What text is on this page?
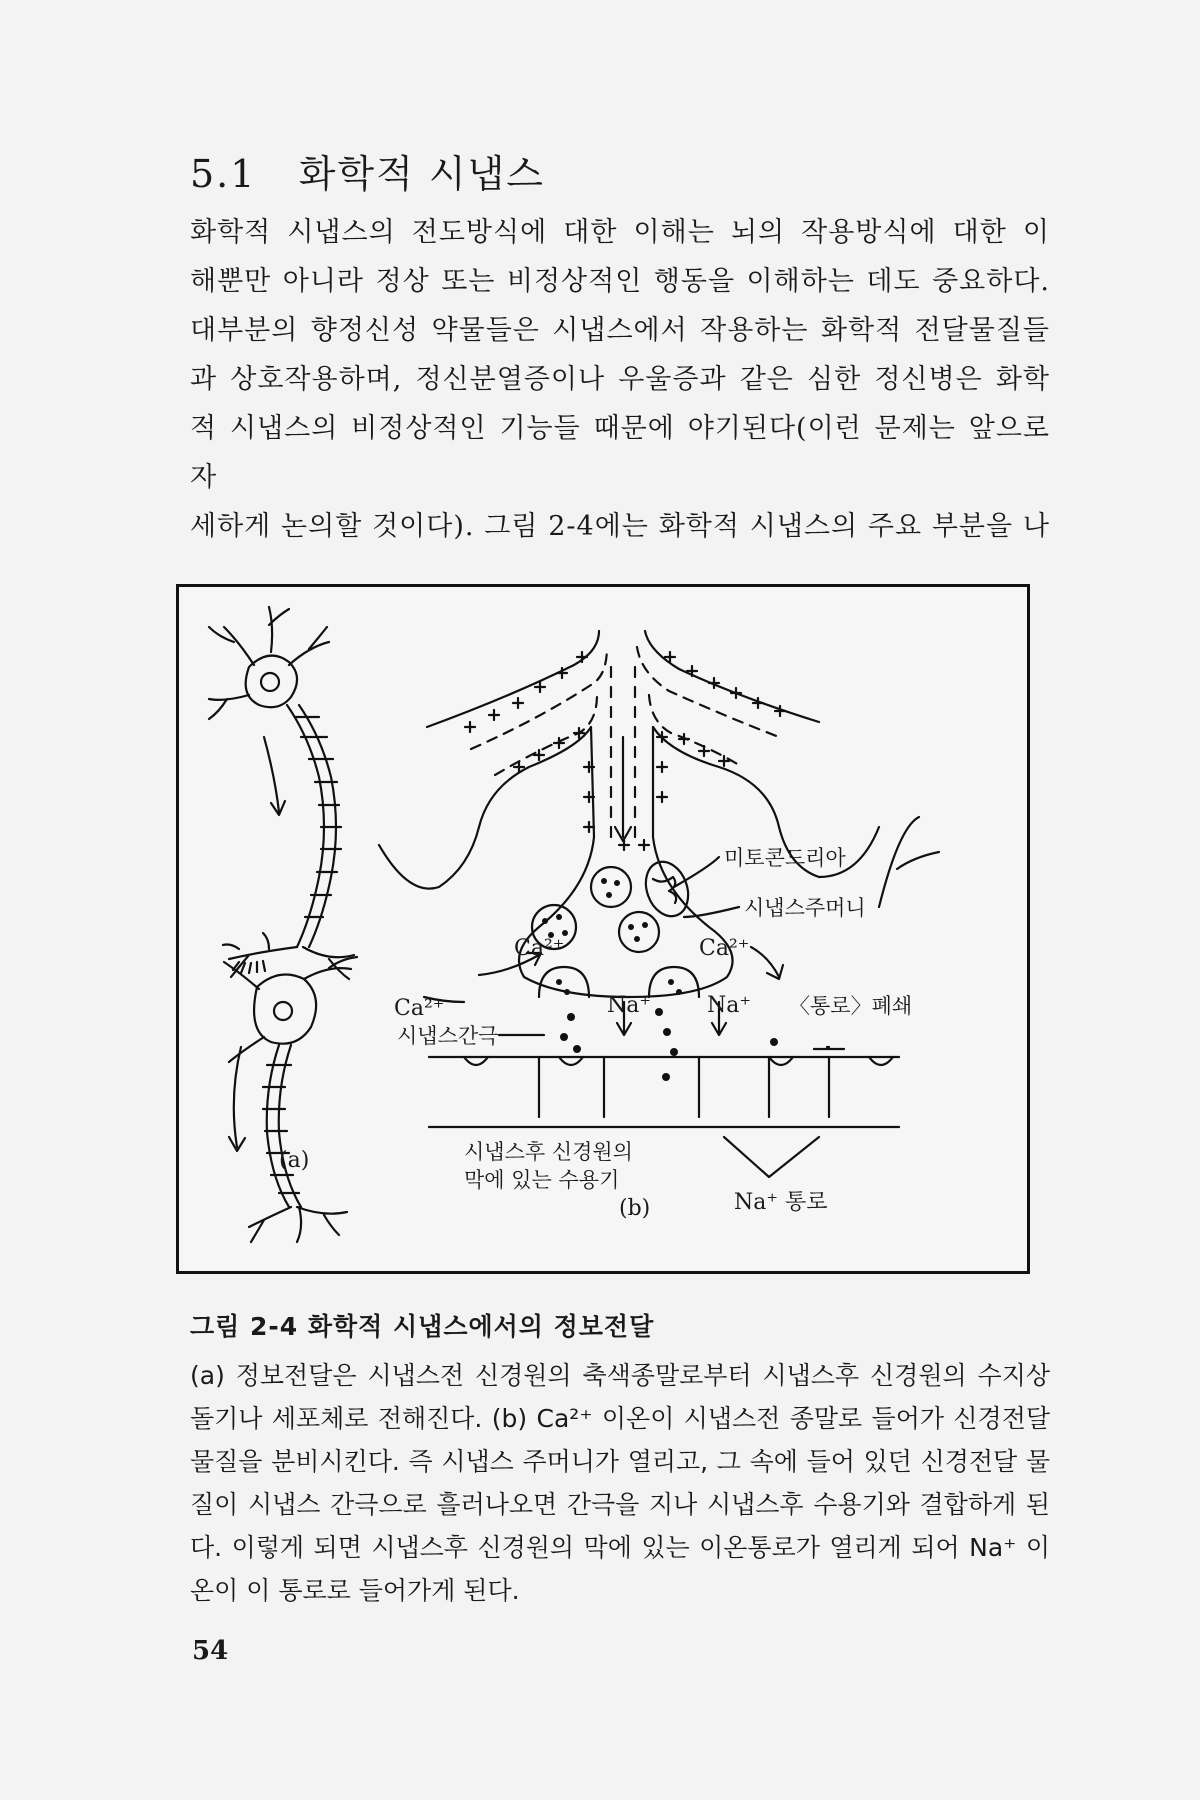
5.1 화학적 시냅스

화학적 시냅스의 전도방식에 대한 이해는 뇌의 작용방식에 대한 이

해뿐만 아니라 정상 또는 비정상적인 행동을 이해하는 데도 중요하다.

대부분의 향정신성 약물들은 시냅스에서 작용하는 화학적 전달물질들

과 상호작용하며, 정신분열증이나 우울증과 같은 심한 정신병은 화학

적 시냅스의 비정상적인 기능들 때문에 야기된다(이런 문제는 앞으로 자

세하게 논의할 것이다). 그림 2-4에는 화학적 시냅스의 주요 부분을 나

(a)
(b)
미토콘드리아
시냅스주머니
Ca²⁺	Ca²⁺
Ca²⁺
시냅스간극
Na⁺	Na⁺ 〈통로〉폐쇄
시냅스후 신경원의
막에 있는 수용기
Na⁺ 통로

그림 2-4 화학적 시냅스에서의 정보전달

(a) 정보전달은 시냅스전 신경원의 축색종말로부터 시냅스후 신경원의 수지상 돌기나 세포체로 전해진다. (b) Ca²⁺ 이온이 시냅스전 종말로 들어가 신경전달 물질을 분비시킨다. 즉 시냅스 주머니가 열리고, 그 속에 들어 있던 신경전달 물질이 시냅스 간극으로 흘러나오면 간극을 지나 시냅스후 수용기와 결합하게 된다. 이렇게 되면 시냅스후 신경원의 막에 있는 이온통로가 열리게 되어 Na⁺ 이온이 이 통로로 들어가게 된다.

54
